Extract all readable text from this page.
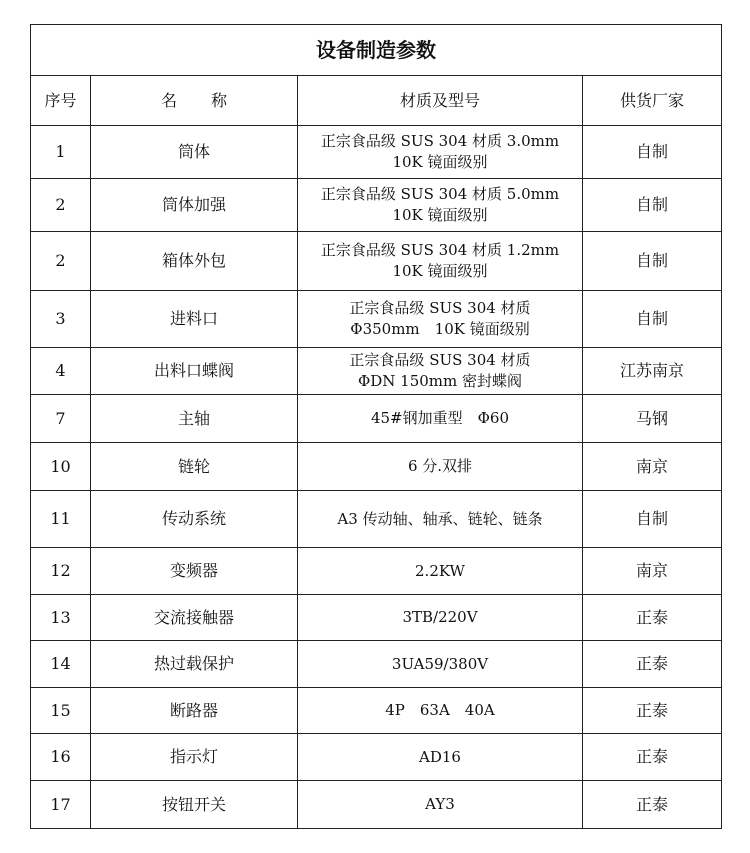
设备制造参数			
序号	名 称	材质及型号	供货厂家
1	筒体	正宗食品级 SUS 304 材质 3.0mm
10K 镜面级别	自制
2	筒体加强	正宗食品级 SUS 304 材质 5.0mm
10K 镜面级别	自制
2	箱体外包	正宗食品级 SUS 304 材质 1.2mm
10K 镜面级别	自制
3	进料口	正宗食品级 SUS 304 材质
Φ350mm　10K 镜面级别	自制
4	出料口蝶阀	正宗食品级 SUS 304 材质
ΦDN 150mm 密封蝶阀	江苏南京
7	主轴	45#钢加重型　Φ60	马钢
10	链轮	6 分.双排	南京
11	传动系统	A3 传动轴、轴承、链轮、链条	自制
12	变频器	2.2KW	南京
13	交流接触器	3TB/220V	正泰
14	热过载保护	3UA59/380V	正泰
15	断路器	4P　63A　40A	正泰
16	指示灯	AD16	正泰
17	按钮开关	AY3	正泰
